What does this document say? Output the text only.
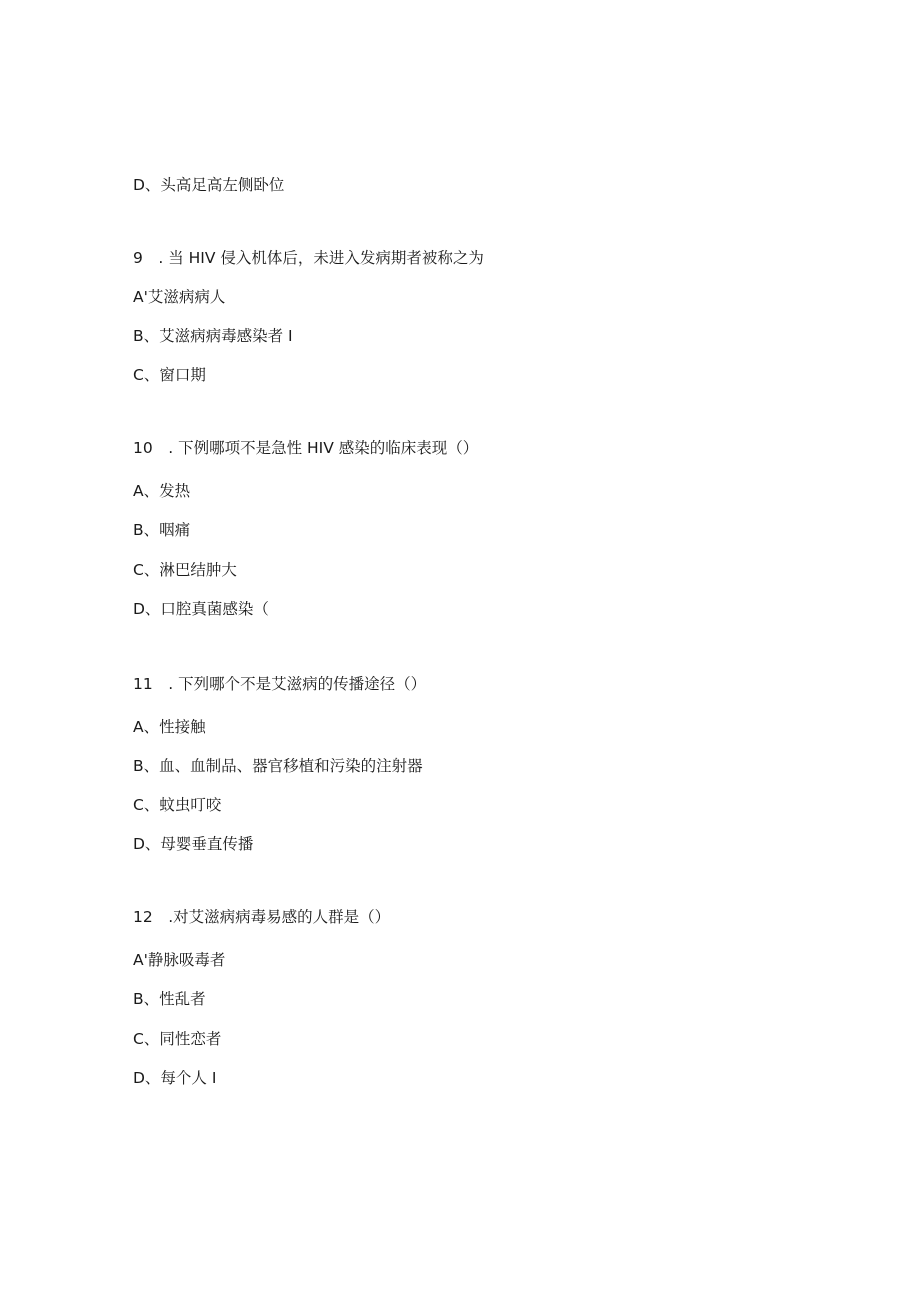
D、头高足高左侧卧位
9　. 当 HIV 侵入机体后，未进入发病期者被称之为
A'艾滋病病人
B、艾滋病病毒感染者 I
C、窗口期
10　. 下例哪项不是急性 HIV 感染的临床表现（）
A、发热
B、咽痛
C、淋巴结肿大
D、口腔真菌感染（
11　. 下列哪个不是艾滋病的传播途径（）
A、性接触
B、血、血制品、器官移植和污染的注射器
C、蚊虫叮咬
D、母婴垂直传播
12　.对艾滋病病毒易感的人群是（）
A'静脉吸毒者
B、性乱者
C、同性恋者
D、每个人 I
